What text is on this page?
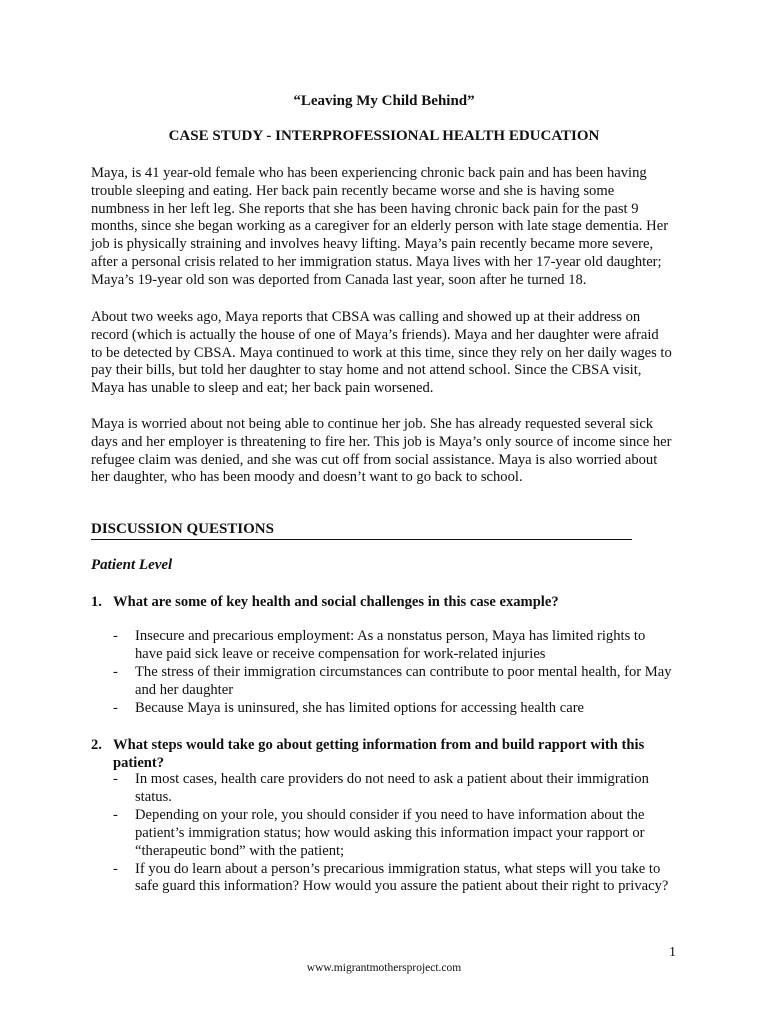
“Leaving My Child Behind”
CASE STUDY - INTERPROFESSIONAL HEALTH EDUCATION

Maya, is 41 year-old female who has been experiencing chronic back pain and has been having trouble sleeping and eating. Her back pain recently became worse and she is having some numbness in her left leg. She reports that she has been having chronic back pain for the past 9 months, since she began working as a caregiver for an elderly person with late stage dementia. Her job is physically straining and involves heavy lifting. Maya’s pain recently became more severe, after a personal crisis related to her immigration status. Maya lives with her 17-year old daughter; Maya’s 19-year old son was deported from Canada last year, soon after he turned 18.

About two weeks ago, Maya reports that CBSA was calling and showed up at their address on record (which is actually the house of one of Maya’s friends). Maya and her daughter were afraid to be detected by CBSA. Maya continued to work at this time, since they rely on her daily wages to pay their bills, but told her daughter to stay home and not attend school. Since the CBSA visit, Maya has unable to sleep and eat; her back pain worsened.

Maya is worried about not being able to continue her job. She has already requested several sick days and her employer is threatening to fire her. This job is Maya’s only source of income since her refugee claim was denied, and she was cut off from social assistance. Maya is also worried about her daughter, who has been moody and doesn’t want to go back to school.

DISCUSSION QUESTIONS
Patient Level
1. What are some of key health and social challenges in this case example?
-	Insecure and precarious employment: As a nonstatus person, Maya has limited rights to have paid sick leave or receive compensation for work-related injuries
-	The stress of their immigration circumstances can contribute to poor mental health, for May and her daughter
-	Because Maya is uninsured, she has limited options for accessing health care
2. What steps would take go about getting information from and build rapport with this patient?
-	In most cases, health care providers do not need to ask a patient about their immigration status.
-	Depending on your role, you should consider if you need to have information about the patient’s immigration status; how would asking this information impact your rapport or “therapeutic bond” with the patient;
-	If you do learn about a person’s precarious immigration status, what steps will you take to safe guard this information? How would you assure the patient about their right to privacy?
1
www.migrantmothersproject.com
